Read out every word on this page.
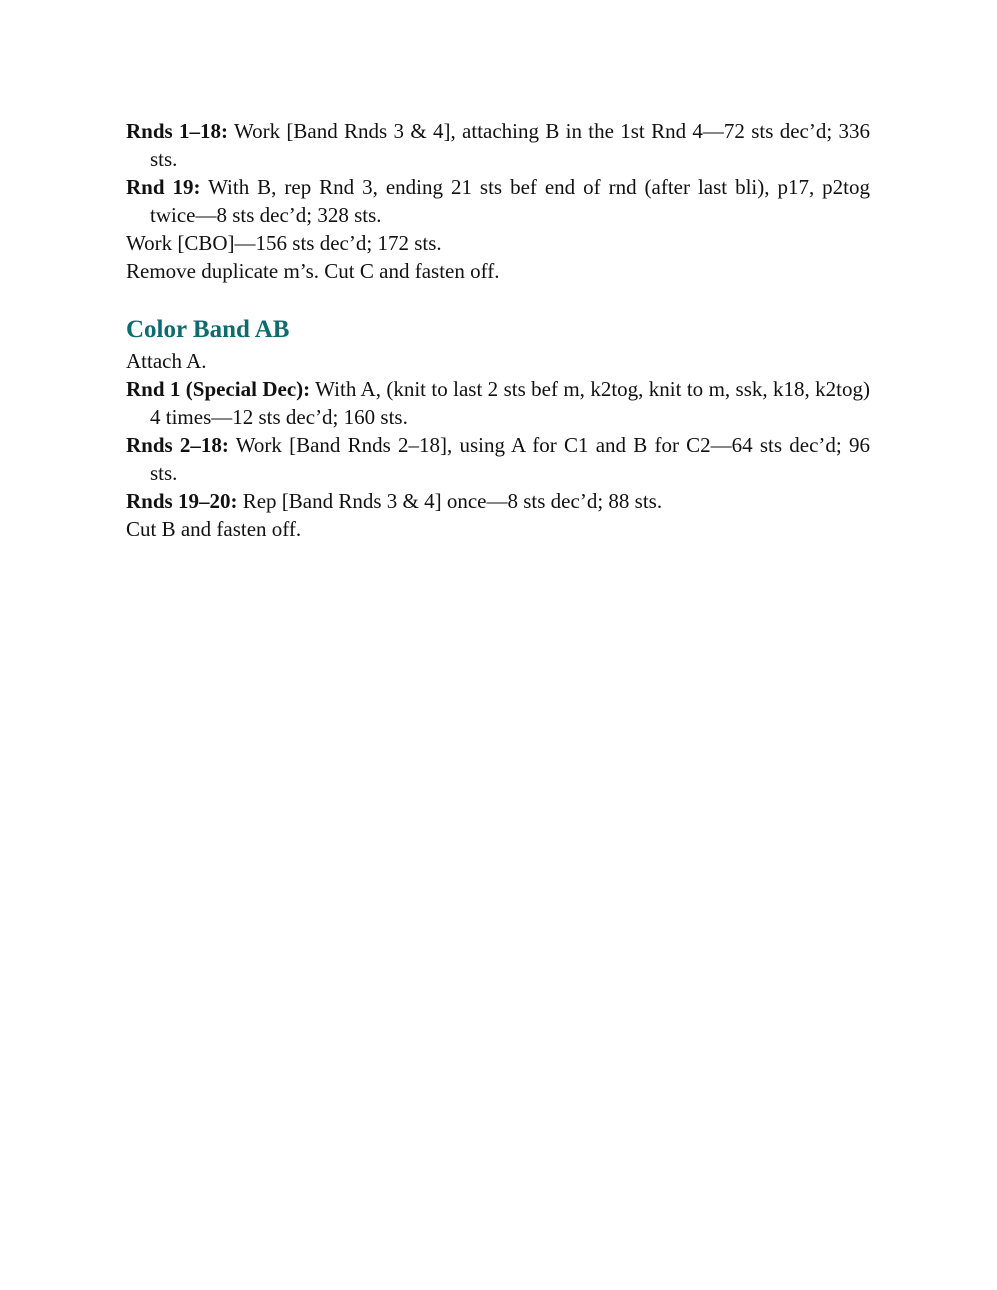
Rnds 1–18: Work [Band Rnds 3 & 4], attaching B in the 1st Rnd 4—72 sts dec’d; 336 sts.

Rnd 19: With B, rep Rnd 3, ending 21 sts bef end of rnd (after last bli), p17, p2tog twice—8 sts dec’d; 328 sts.

Work [CBO]—156 sts dec’d; 172 sts.

Remove duplicate m’s. Cut C and fasten off.

Color Band AB

Attach A.

Rnd 1 (Special Dec): With A, (knit to last 2 sts bef m, k2tog, knit to m, ssk, k18, k2tog) 4 times—12 sts dec’d; 160 sts.

Rnds 2–18: Work [Band Rnds 2–18], using A for C1 and B for C2—64 sts dec’d; 96 sts.

Rnds 19–20: Rep [Band Rnds 3 & 4] once—8 sts dec’d; 88 sts.

Cut B and fasten off.
